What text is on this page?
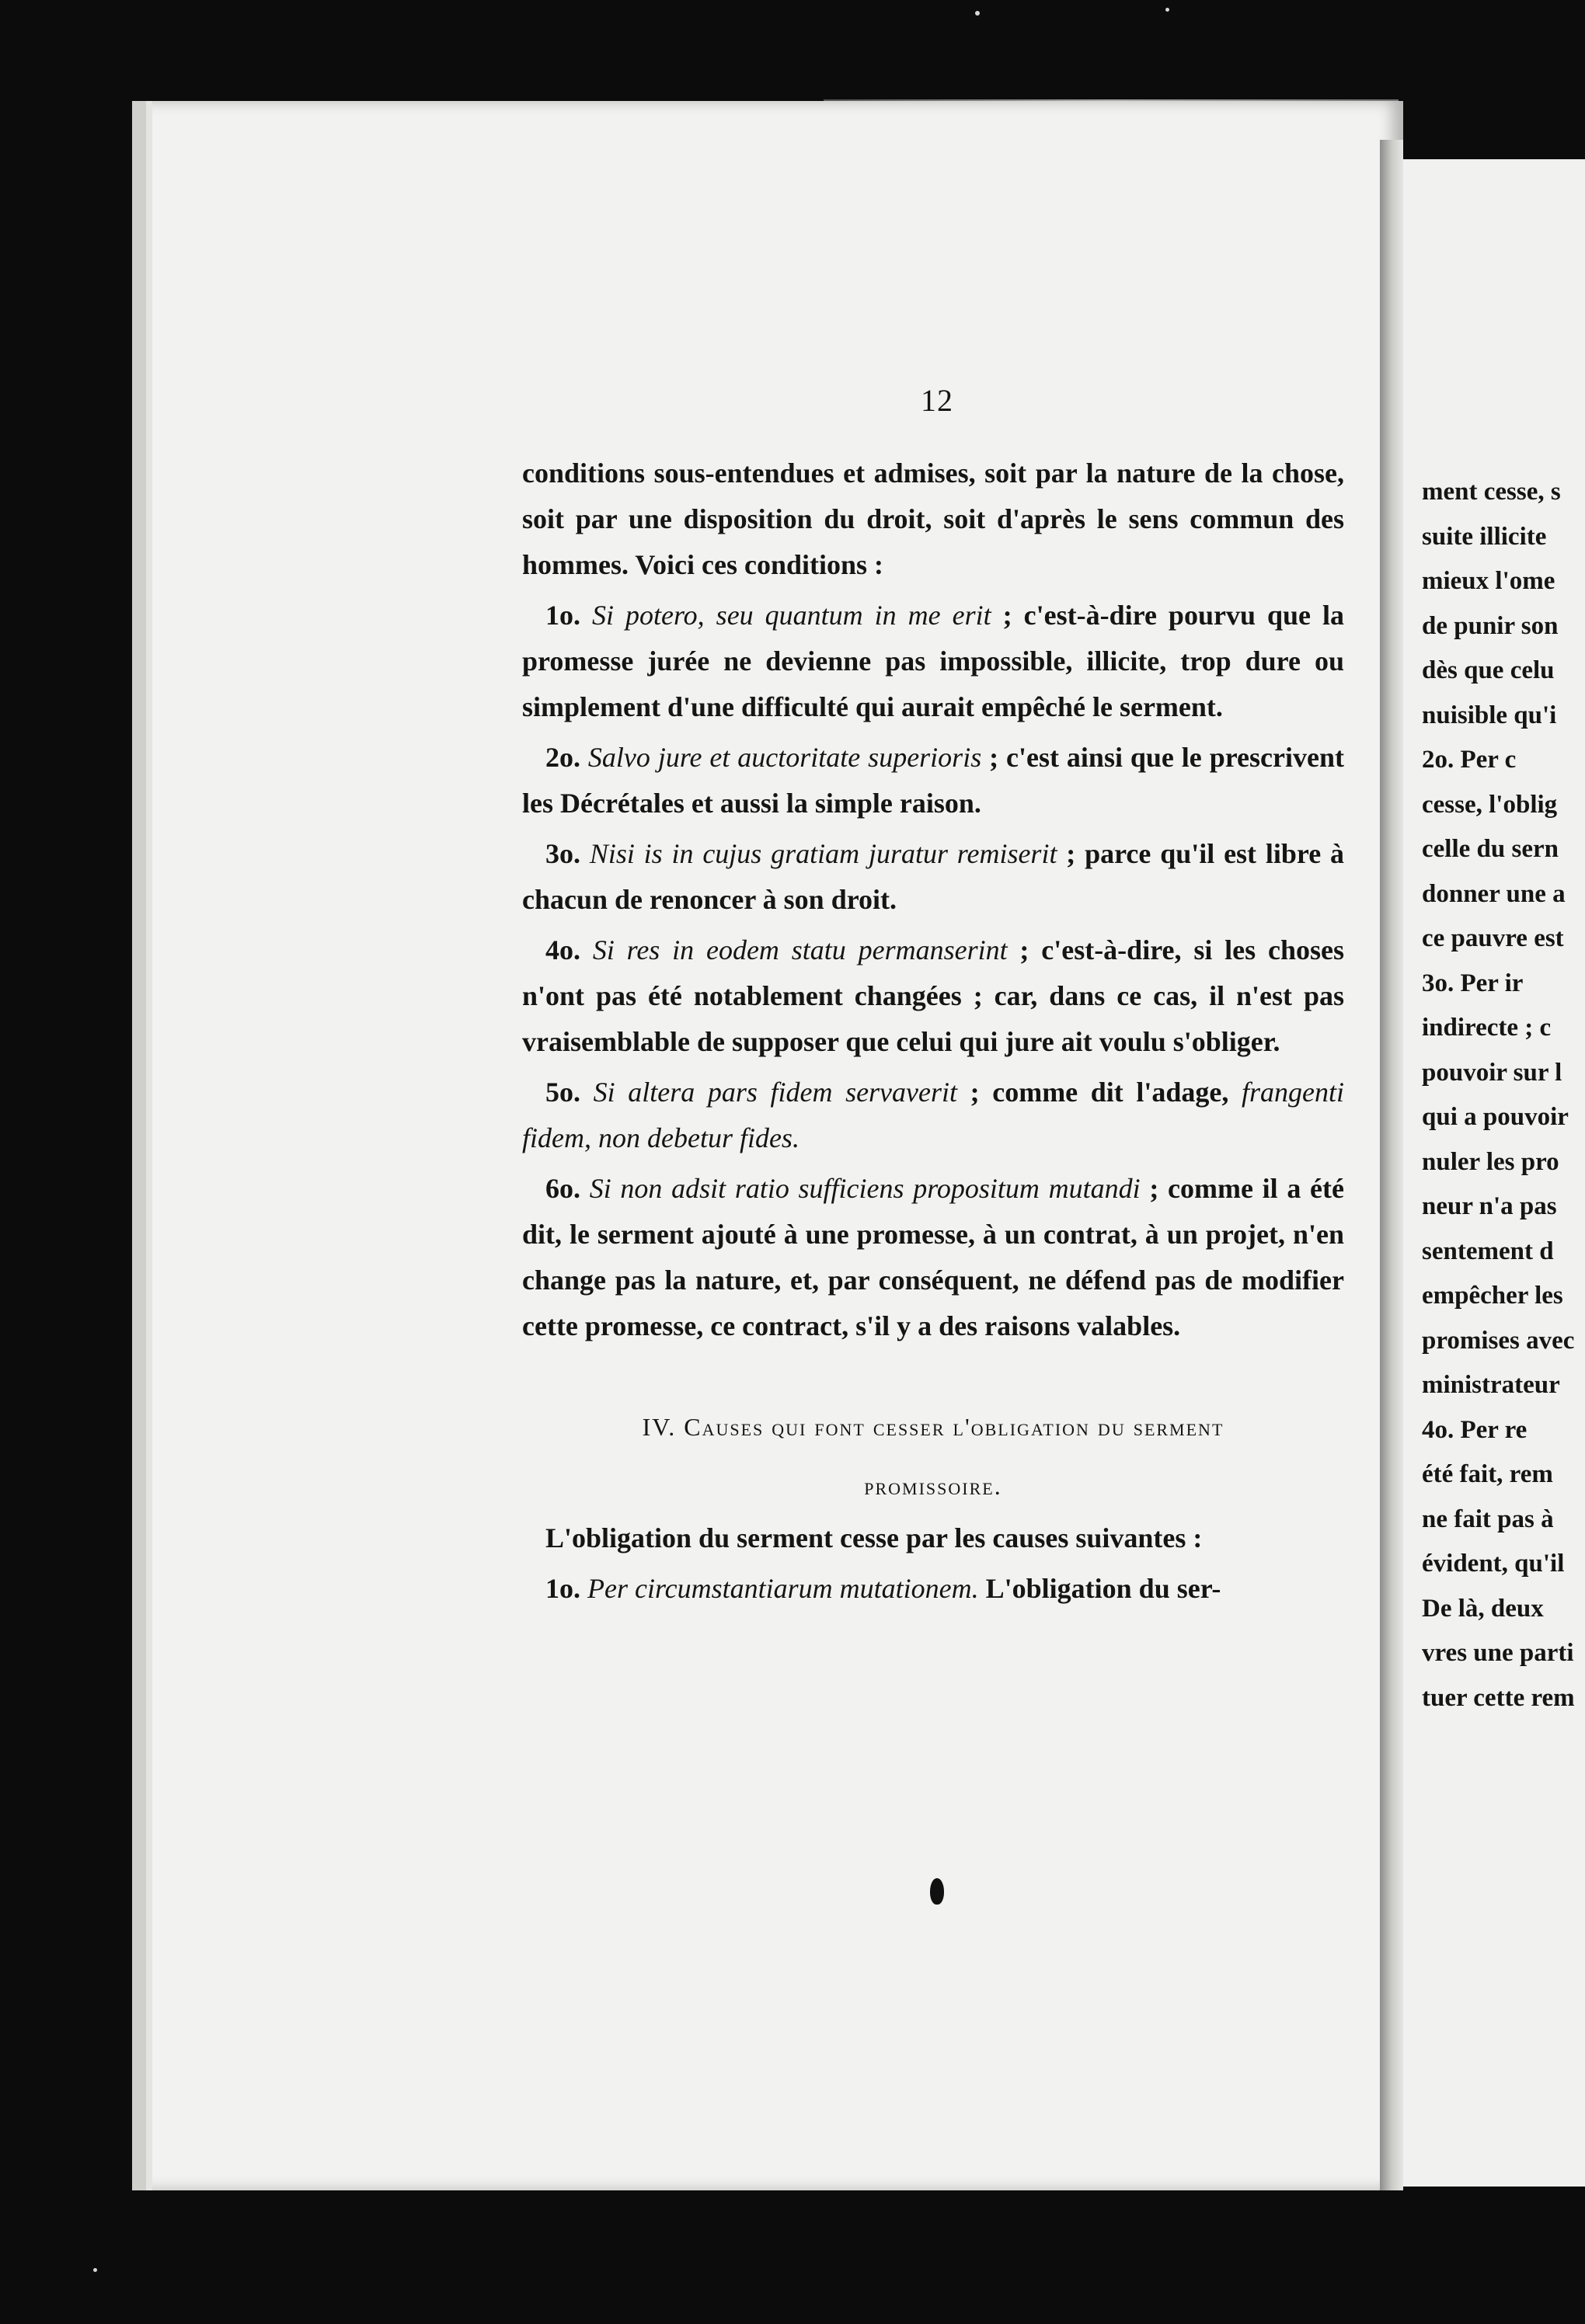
12

conditions sous-entendues et admises, soit par la nature de la chose, soit par une disposition du droit, soit d'après le sens commun des hommes. Voici ces conditions :

1o. Si potero, seu quantum in me erit ; c'est-à-dire pourvu que la promesse jurée ne devienne pas impossible, illicite, trop dure ou simplement d'une difficulté qui aurait empêché le serment.

2o. Salvo jure et auctoritate superioris ; c'est ainsi que le prescrivent les Décrétales et aussi la simple raison.

3o. Nisi is in cujus gratiam juratur remiserit ; parce qu'il est libre à chacun de renoncer à son droit.

4o. Si res in eodem statu permanserint ; c'est-à-dire, si les choses n'ont pas été notablement changées ; car, dans ce cas, il n'est pas vraisemblable de supposer que celui qui jure ait voulu s'obliger.

5o. Si altera pars fidem servaverit ; comme dit l'adage, frangenti fidem, non debetur fides.

6o. Si non adsit ratio sufficiens propositum mutandi ; comme il a été dit, le serment ajouté à une promesse, à un contrat, à un projet, n'en change pas la nature, et, par conséquent, ne défend pas de modifier cette promesse, ce contract, s'il y a des raisons valables.

IV. Causes qui font cesser l'obligation du serment
promissoire.

L'obligation du serment cesse par les causes suivantes :

1o. Per circumstantiarum mutationem. L'obligation du ser-

ment cesse, s
suite illicite
mieux l'ome
de punir son
dès que celu
nuisible qu'i
2o. Per c
cesse, l'oblig
celle du sern
donner une a
ce pauvre est
3o. Per ir
indirecte ; c
pouvoir sur l
qui a pouvoir
nuler les pro
neur n'a pas
sentement d
empêcher les
promises avec
ministrateur
4o. Per re
été fait, rem
ne fait pas à
évident, qu'il
De là, deux
vres une parti
tuer cette rem
